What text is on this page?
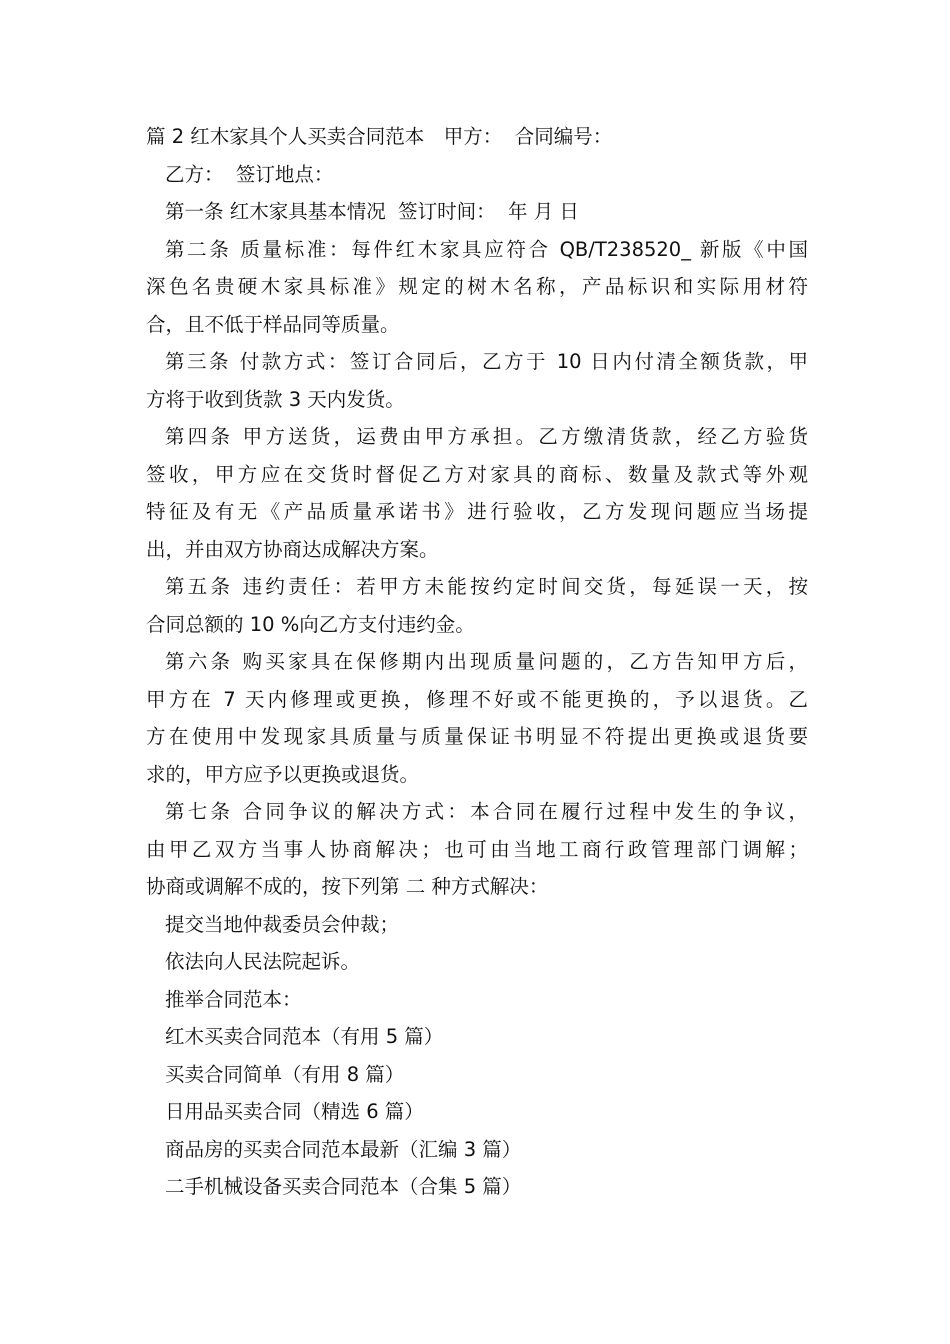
篇 2 红木家具个人买卖合同范本　甲方：  合同编号：
乙方：  签订地点：
第一条 红木家具基本情况  签订时间：  年 月 日
第二条 质量标准：每件红木家具应符合 QB/T238520_ 新版《中国
深色名贵硬木家具标准》规定的树木名称，产品标识和实际用材符
合，且不低于样品同等质量。
第三条 付款方式：签订合同后，乙方于 10 日内付清全额货款，甲
方将于收到货款 3 天内发货。
第四条 甲方送货，运费由甲方承担。乙方缴清货款，经乙方验货
签收，甲方应在交货时督促乙方对家具的商标、数量及款式等外观
特征及有无《产品质量承诺书》进行验收，乙方发现问题应当场提
出，并由双方协商达成解决方案。
第五条 违约责任：若甲方未能按约定时间交货，每延误一天，按
合同总额的 10 %向乙方支付违约金。
第六条 购买家具在保修期内出现质量问题的，乙方告知甲方后，
甲方在 7 天内修理或更换，修理不好或不能更换的，予以退货。乙
方在使用中发现家具质量与质量保证书明显不符提出更换或退货要
求的，甲方应予以更换或退货。
第七条 合同争议的解决方式：本合同在履行过程中发生的争议，
由甲乙双方当事人协商解决；也可由当地工商行政管理部门调解；
协商或调解不成的，按下列第 二 种方式解决：
提交当地仲裁委员会仲裁；
依法向人民法院起诉。
推举合同范本：
红木买卖合同范本（有用 5 篇）
买卖合同简单（有用 8 篇）
日用品买卖合同（精选 6 篇）
商品房的买卖合同范本最新（汇编 3 篇）
二手机械设备买卖合同范本（合集 5 篇）
